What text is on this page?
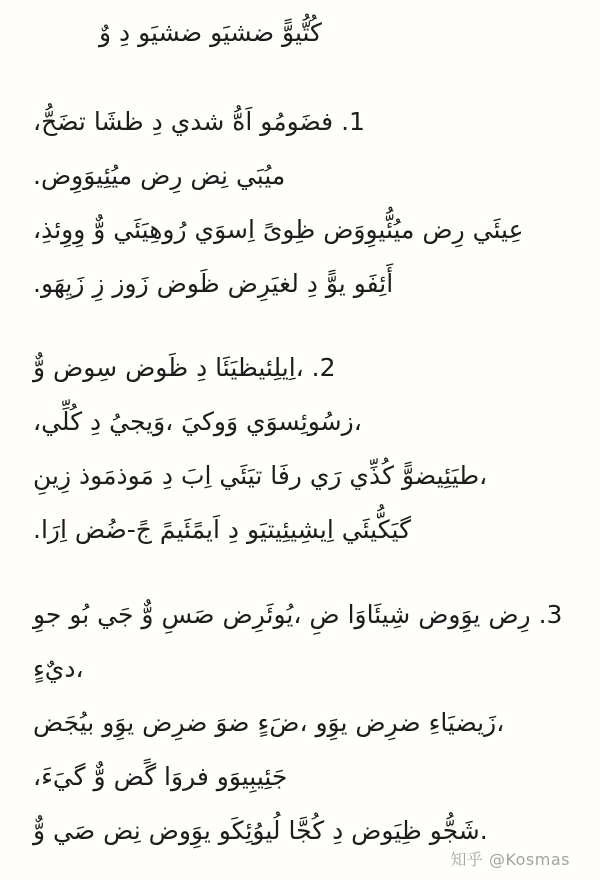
وٌ‎ دِ‎ ضشيَو‎ ضشيَو‎ كُتُّيوًّ
،تضَحُّ‎ ظشَا‎ دِ‎ شدي‎ اَهُّ‎ فضَومُو‎ .1
.ميُئِيوَوِض‎ رِض‎ نِض‎ ميُبَي
،وِوِئذِ‎ وٌّ‎ رُوهِيَئَي‎ اِسوَي‎ ظِوىً‎ ميُئُّيوِوَض‎ رِض‎ عِيئَي
.زَيِهَو‎ زِ‎ زَوز‎ ظَوض‎ لغيَرِض‎ دِ‎ يوًّ‎ أَئِفَو
وٌّ‎ سِوض‎ ظَوض‎ دِ‎ اِيلِئيظيَئَا،‎ .2
،كُلِّي‎ دِ‎ وَيجيُ،‎ وَوكيَ‎ زسُوئِسوَي،
زِينِ‎ مَوذمَوذ‎ دِ‎ اِبَ‎ تيَئَي‎ رفَا‎ رَي‎ كُذِّي‎ طيَئِيضوًّ،
.اِرَا‎ ضُض‎-‎جً‎ اَيمًئَيمً‎ دِ‎ اِيشِيئِيتيَو‎ گيَكُّيئَي
جوِ‎ بُو‎ جَي‎ وٌّ‎ صَسِ‎ يُوئَرِض،‎ ضِ‎ شِيئَاوَا‎ يوَِوض‎ رِض‎ .3
ديٌءٍ،
بيُجَض‎ يوَِو‎ ضرِض‎ ضوَ‎ ضَءٍ،‎ يوَِو‎ ضرِض‎ زَيضيَاءِ،
،گيَءَ‎ وٌّ‎ گًض‎ فروَا‎ جَئِيبِيوَو
وٌّ‎ صَي‎ نِض‎ يوَِوض‎ لُيوُئِكَو‎ كُجَّا‎ دِ‎ ظِيَوض‎ شَجُّو.
知乎 @Kosmas
